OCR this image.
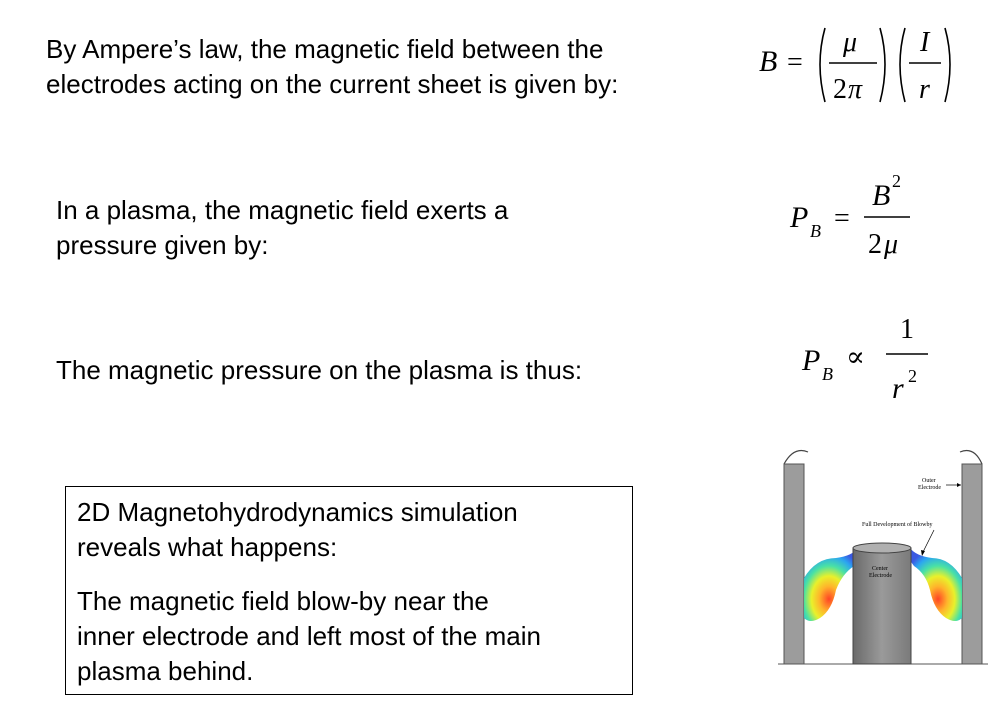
By Ampere’s law, the magnetic field between the
electrodes acting on the current sheet is given by:

B =
μ
2 π
I
r

In a plasma, the magnetic field exerts a
pressure given by:

P B =
B 2
2 μ

The magnetic pressure on the plasma is thus:	P B
∝
1
r 2

2D Magnetohydrodynamics simulation
reveals what happens:

The magnetic field blow-by near the
inner electrode and left most of the main
plasma behind.

Outer
Electrode
Full Development of Blowby
Center
Electrode
